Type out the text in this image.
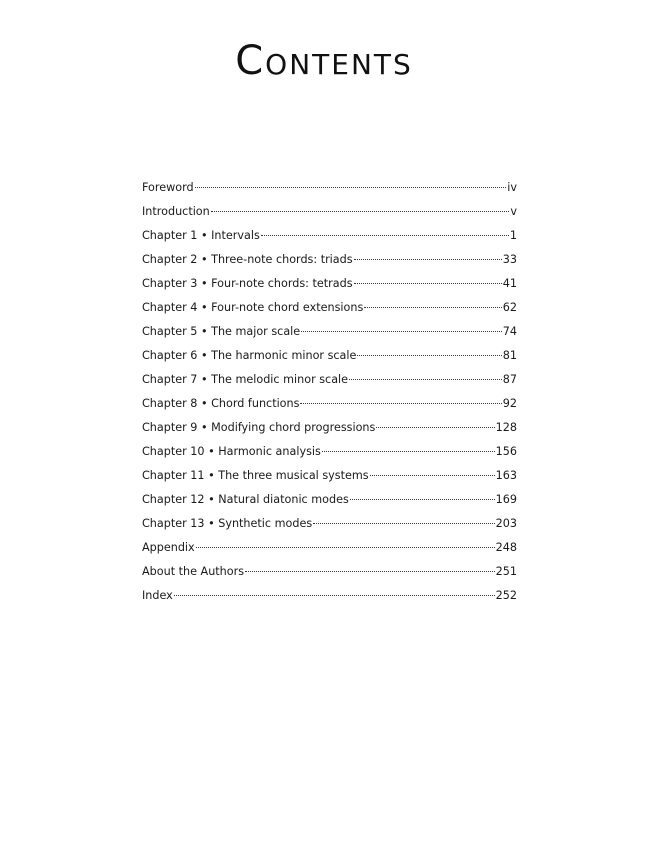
Contents
Foreword	iv
Introduction	v
Chapter 1 • Intervals	1
Chapter 2 • Three-note chords: triads	33
Chapter 3 • Four-note chords: tetrads	41
Chapter 4 • Four-note chord extensions	62
Chapter 5 • The major scale	74
Chapter 6 • The harmonic minor scale	81
Chapter 7 • The melodic minor scale	87
Chapter 8 • Chord functions	92
Chapter 9 • Modifying chord progressions	128
Chapter 10 • Harmonic analysis	156
Chapter 11 • The three musical systems	163
Chapter 12 • Natural diatonic modes	169
Chapter 13 • Synthetic modes	203
Appendix	248
About the Authors	251
Index	252
